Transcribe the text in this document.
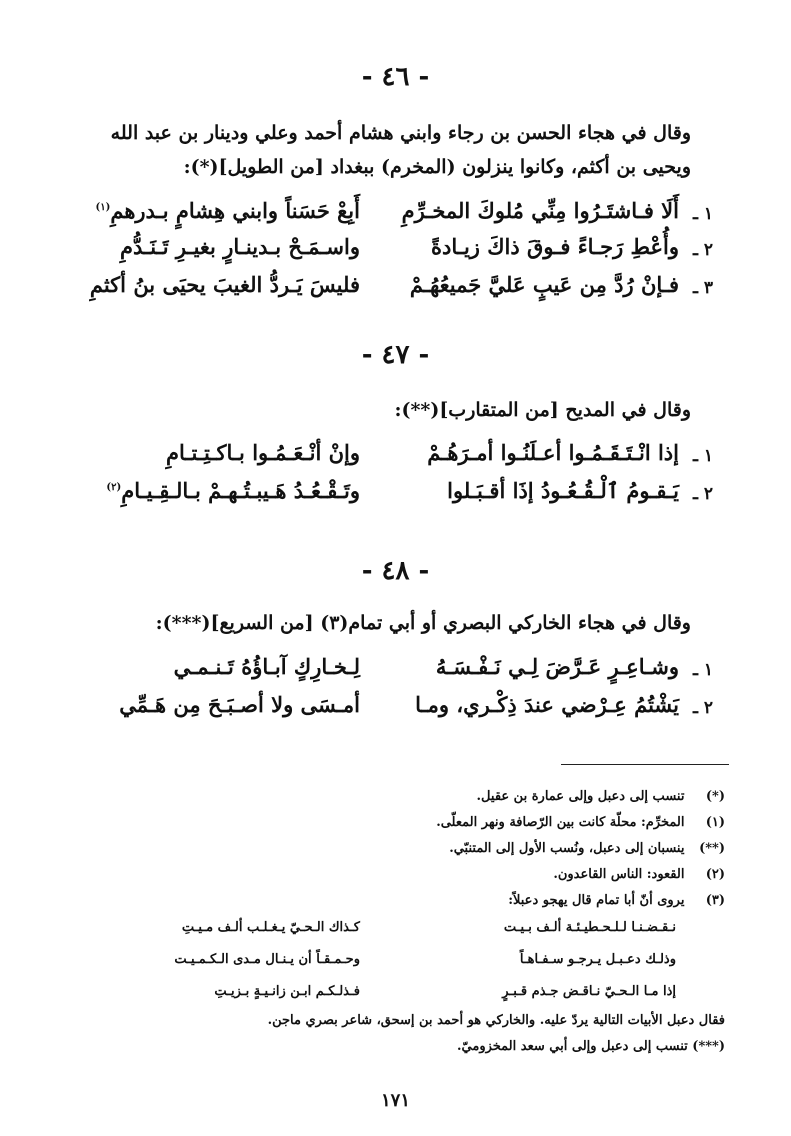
- ٤٦ -
وقال في هجاء الحسن بن رجاء وابني هشام أحمد وعلي ودينار بن عبد الله
ويحيى بن أكثم، وكانوا ينزلون (المخرم) ببغداد [من الطويل](*):
١ ـ
أَلَا فـاشتَـرُوا مِنِّي مُلوكَ المخـرِّمِ
أَبِعْ حَسَناً وابني هِشامٍ بـدرهمِ$^{(١)}$
٢ ـ
وأُعْطِ رَجـاءً فـوقَ ذاكَ زيـادةً
واسـمَـحْ بـدينـارٍ بغيـرِ تَـنَـدُّمِ
٣ ـ
فـإنْ رُدَّ مِن عَيبٍ عَليَّ جَميعُهُـمْ
فليسَ يَـردُّ الغيبَ يحيَى بنُ أكثمِ
- ٤٧ -
وقال في المديح [من المتقارب](**):
١ ـ
إذا انْـتَـقَـمُـوا أعـلَنُـوا أمـرَهُـمْ
وإنْ أنْـعَـمُـوا بـاكـتِـتـامِ
٢ ـ
يَـقـومُ ٱلْـقُـعُـودُ إذَا أقـبَـلوا
وتَـقْـعُـدُ هَـيبـتُـهـمْ بـالـقِـيـامِ$^{(٢)}$
- ٤٨ -
وقال في هجاء الخاركي البصري أو أبي تمام(٣) [من السريع](***):
١ ـ
وشـاعِـرٍ عَـرَّضَ لِـي نَـفْـسَـهُ
لِـخـارِكٍ آبـاؤُهُ تَـنـمـي
٢ ـ
يَشْتُمُ عِـرْضي عندَ ذِكْـري، ومـا
أمـسَى ولا أصـبَـحَ مِن هَـمِّي
(*) تنسب إلى دعبل وإلى عمارة بن عقيل.
(١) المخرِّم: محلّة كانت بين الرّصافة ونهر المعلّى.
(**) ينسبان إلى دعبل، ونُسب الأول إلى المتنبّي.
(٢) القعود: الناس القاعدون.
(٣) يروى أنّ أبا تمام قال يهجو دعبلاً:
نـقـضـنـا لـلـحـطيـئـة ألـف بـيـت
كـذاك الـحـيّ يـغـلـب ألـف مـيـتِ
وذلـك دعـبـل يـرجـو سـفـاهـاً
وحـمـقـاً أن يـنـال مـدى الـكـمـيـت
إذا مـا الـحـيّ نـاقـض جـذم قـبـرٍ
فـذلـكـم ابـن زانـيـةٍ بـزيـتِ
فقال دعبل الأبيات التالية يردّ عليه. والخاركي هو أحمد بن إسحق، شاعر بصري ماجن.
(***) تنسب إلى دعبل وإلى أبي سعد المخزوميّ.
١٧١
